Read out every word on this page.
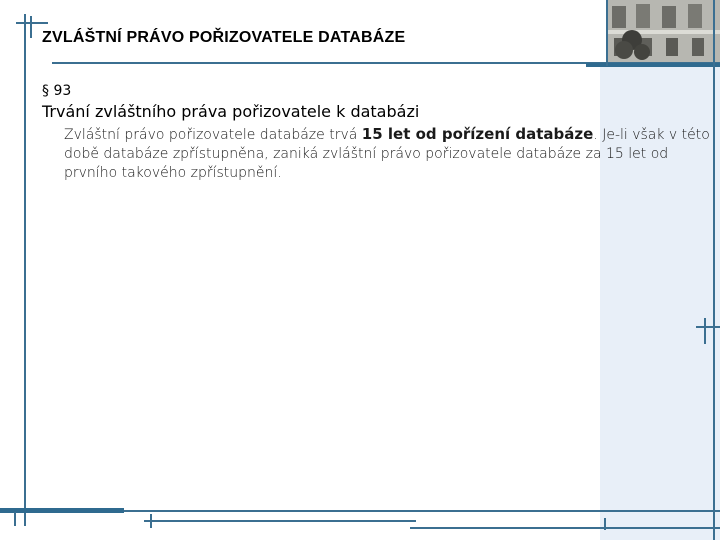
ZVLÁŠTNÍ PRÁVO POŘIZOVATELE DATABÁZE
§ 93
Trvání zvláštního práva pořizovatele k databázi
Zvláštní právo pořizovatele databáze trvá 15 let od pořízení databáze. Je-li však v této době databáze zpřístupněna, zaniká zvláštní právo pořizovatele databáze za 15 let od prvního takového zpřístupnění.
